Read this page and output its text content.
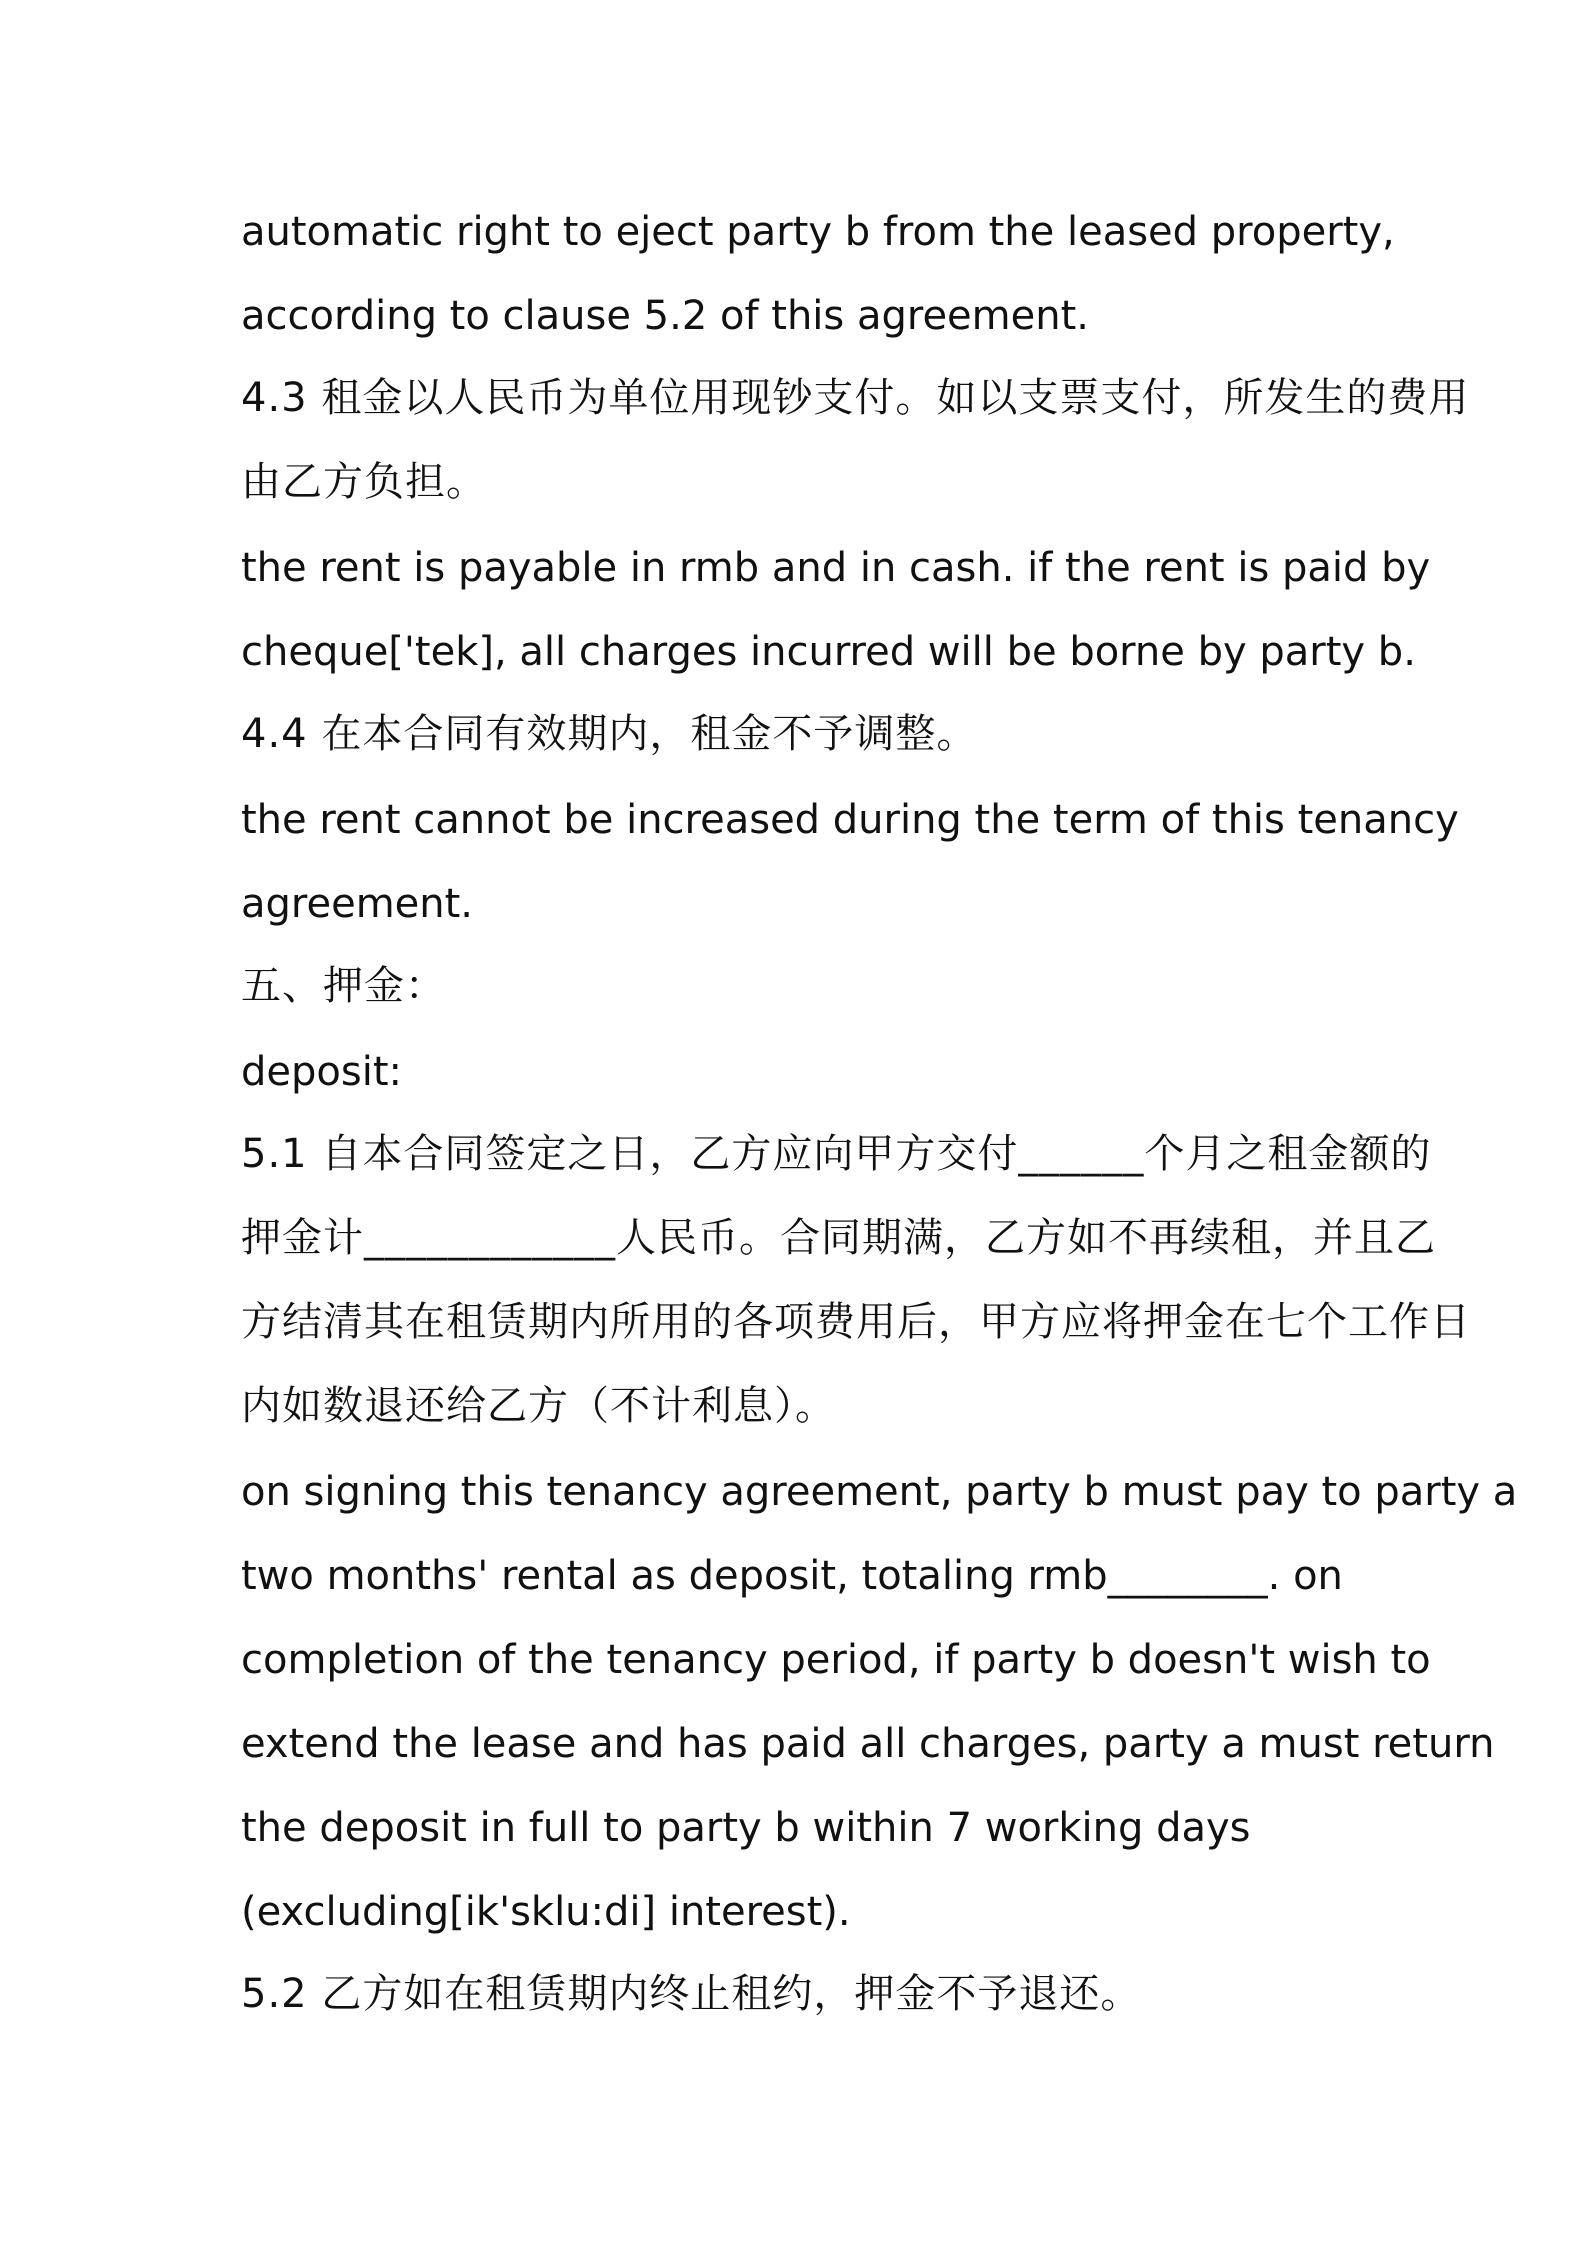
automatic right to eject party b from the leased property,
according to clause 5.2 of this agreement.
4.3 租金以人民币为单位用现钞支付。如以支票支付，所发生的费用
由乙方负担。
the rent is payable in rmb and in cash. if the rent is paid by
cheque['tek], all charges incurred will be borne by party b.
4.4 在本合同有效期内，租金不予调整。
the rent cannot be increased during the term of this tenancy
agreement.
五、押金：
deposit:
5.1 自本合同签定之日，乙方应向甲方交付______个月之租金额的
押金计____________人民币。合同期满，乙方如不再续租，并且乙
方结清其在租赁期内所用的各项费用后，甲方应将押金在七个工作日
内如数退还给乙方（不计利息）。
on signing this tenancy agreement, party b must pay to party a
two months' rental as deposit, totaling rmb________. on
completion of the tenancy period, if party b doesn't wish to
extend the lease and has paid all charges, party a must return
the deposit in full to party b within 7 working days
(excluding[ik'sklu:di] interest).
5.2 乙方如在租赁期内终止租约，押金不予退还。
